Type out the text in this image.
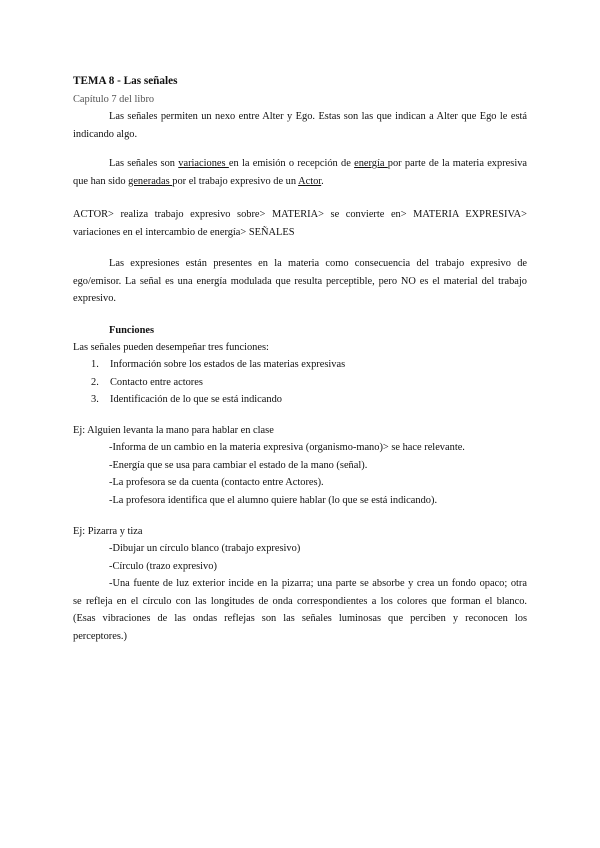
TEMA 8 - Las señales
Capítulo 7 del libro

Las señales permiten un nexo entre Alter y Ego. Estas son las que indican a Alter que Ego le está

indicando algo.

Las señales son variaciones en la emisión o recepción de energía por parte de la materia expresiva

que han sido generadas por el trabajo expresivo de un Actor.

ACTOR> realiza trabajo expresivo sobre> MATERIA> se convierte en> MATERIA EXPRESIVA>

variaciones en el intercambio de energía> SEÑALES

Las expresiones están presentes en la materia como consecuencia del trabajo expresivo de

ego/emisor. La señal es una energía modulada que resulta perceptible, pero NO es el material del trabajo

expresivo.

Funciones
Las señales pueden desempeñar tres funciones:
1. Información sobre los estados de las materias expresivas
2. Contacto entre actores
3. Identificación de lo que se está indicando
Ej: Alguien levanta la mano para hablar en clase

-Informa de un cambio en la materia expresiva (organismo-mano)> se hace relevante.

-Energía que se usa para cambiar el estado de la mano (señal).

-La profesora se da cuenta (contacto entre Actores).

-La profesora identifica que el alumno quiere hablar (lo que se está indicando).

Ej: Pizarra y tiza

-Dibujar un círculo blanco (trabajo expresivo)

-Círculo (trazo expresivo)

-Una fuente de luz exterior incide en la pizarra; una parte se absorbe y crea un fondo opaco; otra

se refleja en el círculo con las longitudes de onda correspondientes a los colores que forman el blanco.

(Esas vibraciones de las ondas reflejas son las señales luminosas que perciben y reconocen los

perceptores.)
